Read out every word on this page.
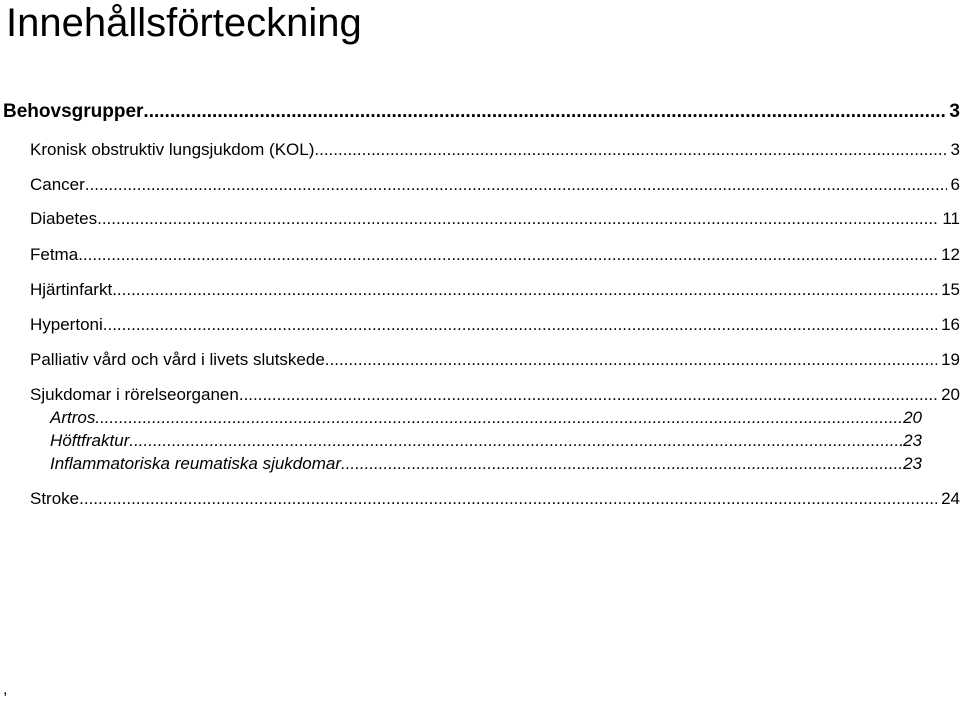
Innehållsförteckning
Behovsgrupper .....	3
Kronisk obstruktiv lungsjukdom (KOL) .....	3
Cancer .....	6
Diabetes .....	11
Fetma .....	12
Hjärtinfarkt .....	15
Hypertoni .....	16
Palliativ vård och vård i livets slutskede .....	19
Sjukdomar i rörelseorganen .....	20
Artros .....	20
Höftfraktur .....	23
Inflammatoriska reumatiska sjukdomar .....	23
Stroke .....	24
,
